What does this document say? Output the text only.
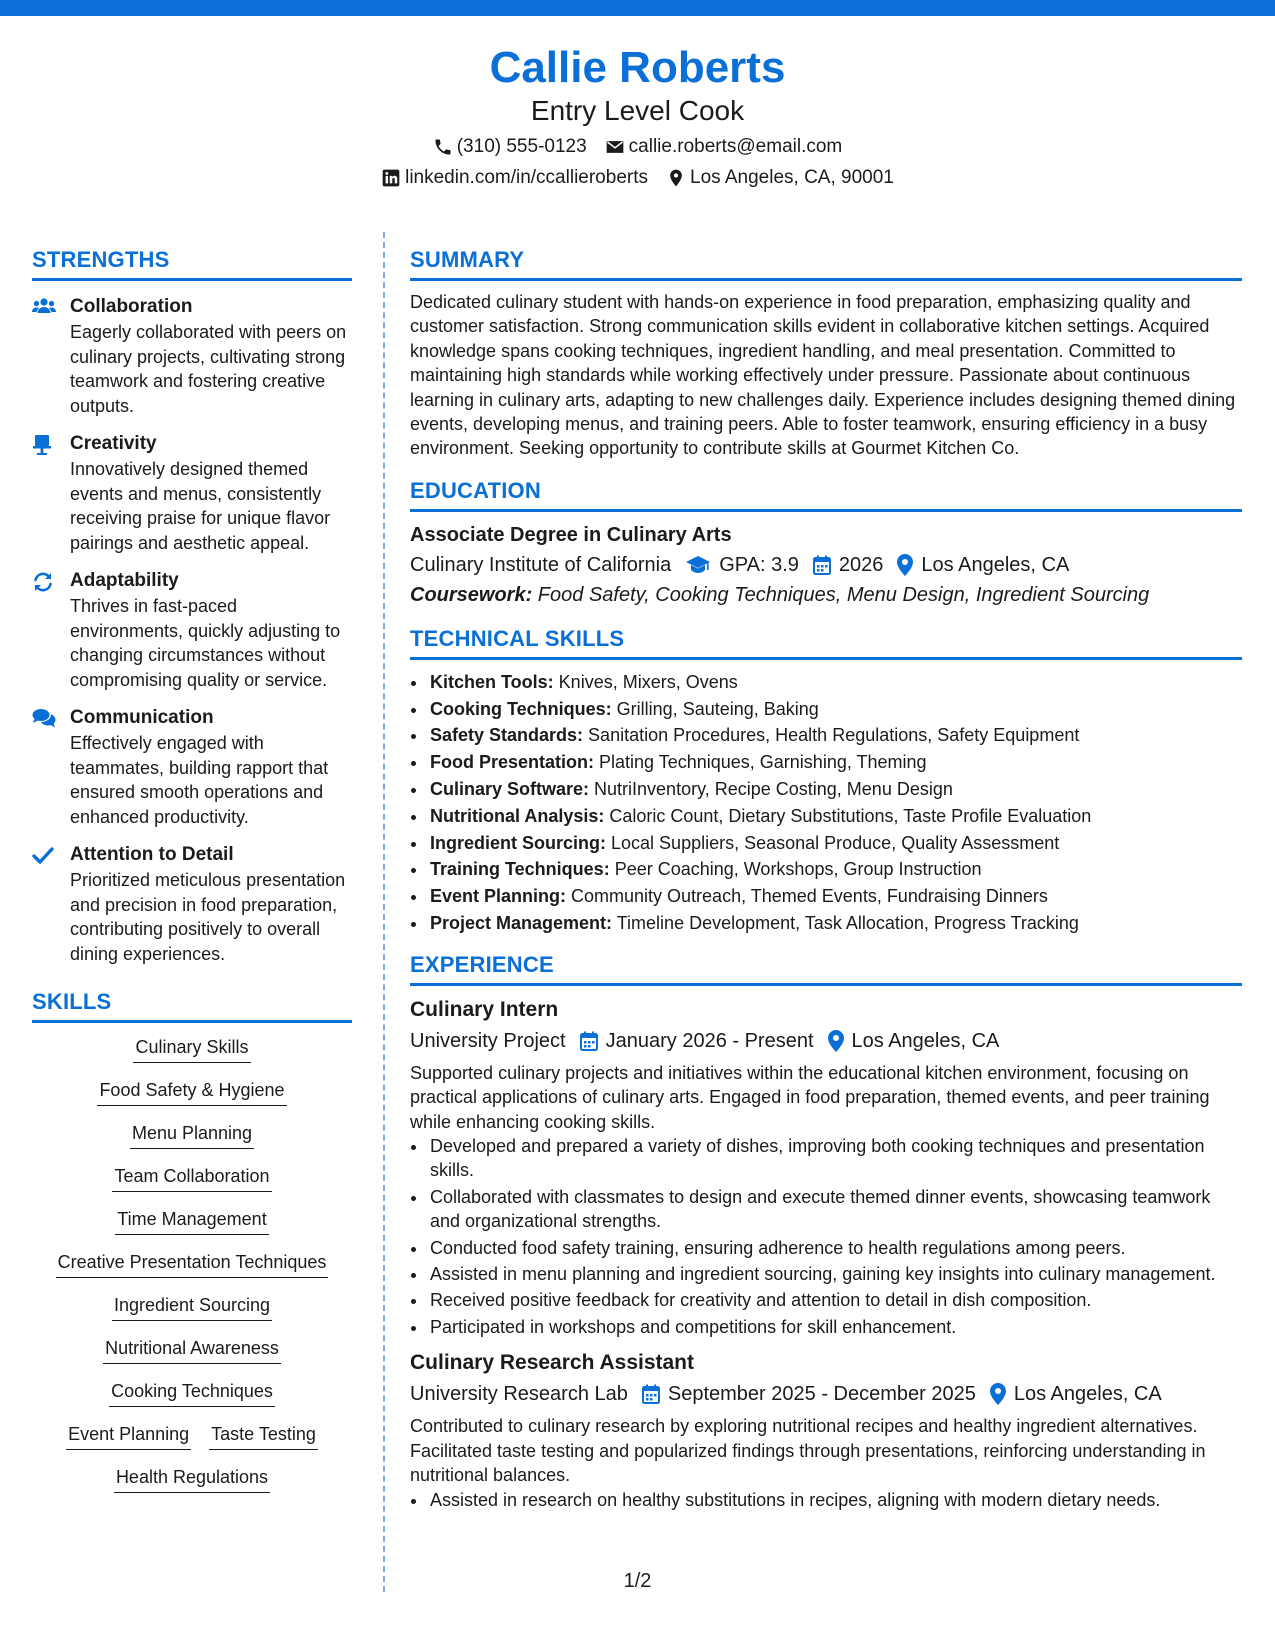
Callie Roberts
Entry Level Cook
(310) 555-0123 callie.roberts@email.com
linkedin.com/in/ccallieroberts Los Angeles, CA, 90001
STRENGTHS
Collaboration
Eagerly collaborated with peers on culinary projects, cultivating strong teamwork and fostering creative outputs.
Creativity
Innovatively designed themed events and menus, consistently receiving praise for unique flavor pairings and aesthetic appeal.
Adaptability
Thrives in fast-paced environments, quickly adjusting to changing circumstances without compromising quality or service.
Communication
Effectively engaged with teammates, building rapport that ensured smooth operations and enhanced productivity.
Attention to Detail
Prioritized meticulous presentation and precision in food preparation, contributing positively to overall dining experiences.
SKILLS
Culinary Skills
Food Safety & Hygiene
Menu Planning
Team Collaboration
Time Management
Creative Presentation Techniques
Ingredient Sourcing
Nutritional Awareness
Cooking Techniques
Event Planning Taste Testing
Health Regulations
SUMMARY
Dedicated culinary student with hands-on experience in food preparation, emphasizing quality and customer satisfaction. Strong communication skills evident in collaborative kitchen settings. Acquired knowledge spans cooking techniques, ingredient handling, and meal presentation. Committed to maintaining high standards while working effectively under pressure. Passionate about continuous learning in culinary arts, adapting to new challenges daily. Experience includes designing themed dining events, developing menus, and training peers. Able to foster teamwork, ensuring efficiency in a busy environment. Seeking opportunity to contribute skills at Gourmet Kitchen Co.
EDUCATION
Associate Degree in Culinary Arts
Culinary Institute of California GPA: 3.9 2026 Los Angeles, CA
Coursework: Food Safety, Cooking Techniques, Menu Design, Ingredient Sourcing
TECHNICAL SKILLS
• Kitchen Tools: Knives, Mixers, Ovens
• Cooking Techniques: Grilling, Sauteing, Baking
• Safety Standards: Sanitation Procedures, Health Regulations, Safety Equipment
• Food Presentation: Plating Techniques, Garnishing, Theming
• Culinary Software: NutriInventory, Recipe Costing, Menu Design
• Nutritional Analysis: Caloric Count, Dietary Substitutions, Taste Profile Evaluation
• Ingredient Sourcing: Local Suppliers, Seasonal Produce, Quality Assessment
• Training Techniques: Peer Coaching, Workshops, Group Instruction
• Event Planning: Community Outreach, Themed Events, Fundraising Dinners
• Project Management: Timeline Development, Task Allocation, Progress Tracking
EXPERIENCE
Culinary Intern
University Project January 2026 - Present Los Angeles, CA
Supported culinary projects and initiatives within the educational kitchen environment, focusing on practical applications of culinary arts. Engaged in food preparation, themed events, and peer training while enhancing cooking skills.
• Developed and prepared a variety of dishes, improving both cooking techniques and presentation skills.
• Collaborated with classmates to design and execute themed dinner events, showcasing teamwork and organizational strengths.
• Conducted food safety training, ensuring adherence to health regulations among peers.
• Assisted in menu planning and ingredient sourcing, gaining key insights into culinary management.
• Received positive feedback for creativity and attention to detail in dish composition.
• Participated in workshops and competitions for skill enhancement.
Culinary Research Assistant
University Research Lab September 2025 - December 2025 Los Angeles, CA
Contributed to culinary research by exploring nutritional recipes and healthy ingredient alternatives. Facilitated taste testing and popularized findings through presentations, reinforcing understanding in nutritional balances.
• Assisted in research on healthy substitutions in recipes, aligning with modern dietary needs.
1/2
